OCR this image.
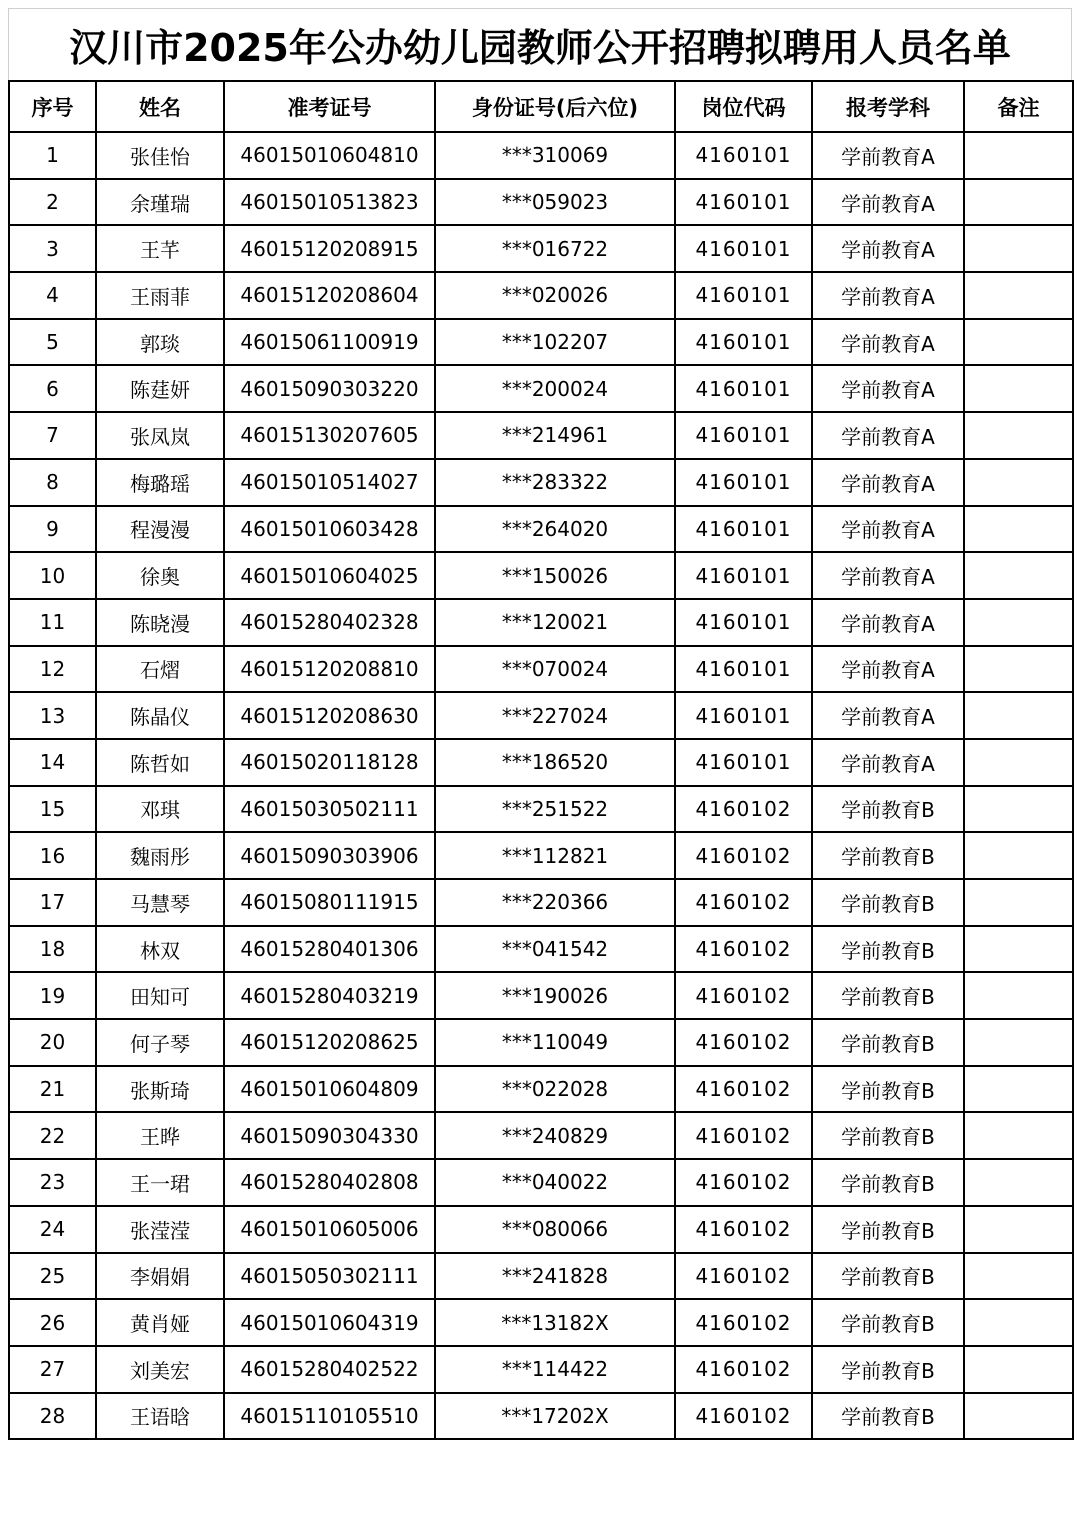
汉川市2025年公办幼儿园教师公开招聘拟聘用人员名单
序号	姓名	准考证号	身份证号(后六位)	岗位代码	报考学科	备注
1	张佳怡	46015010604810	***310069	4160101	学前教育A	
2	余瑾瑞	46015010513823	***059023	4160101	学前教育A	
3	王芊	46015120208915	***016722	4160101	学前教育A	
4	王雨菲	46015120208604	***020026	4160101	学前教育A	
5	郭琰	46015061100919	***102207	4160101	学前教育A	
6	陈莛妍	46015090303220	***200024	4160101	学前教育A	
7	张凤岚	46015130207605	***214961	4160101	学前教育A	
8	梅璐瑶	46015010514027	***283322	4160101	学前教育A	
9	程漫漫	46015010603428	***264020	4160101	学前教育A	
10	徐奥	46015010604025	***150026	4160101	学前教育A	
11	陈晓漫	46015280402328	***120021	4160101	学前教育A	
12	石熠	46015120208810	***070024	4160101	学前教育A	
13	陈晶仪	46015120208630	***227024	4160101	学前教育A	
14	陈哲如	46015020118128	***186520	4160101	学前教育A	
15	邓琪	46015030502111	***251522	4160102	学前教育B	
16	魏雨彤	46015090303906	***112821	4160102	学前教育B	
17	马慧琴	46015080111915	***220366	4160102	学前教育B	
18	林双	46015280401306	***041542	4160102	学前教育B	
19	田知可	46015280403219	***190026	4160102	学前教育B	
20	何子琴	46015120208625	***110049	4160102	学前教育B	
21	张斯琦	46015010604809	***022028	4160102	学前教育B	
22	王晔	46015090304330	***240829	4160102	学前教育B	
23	王一珺	46015280402808	***040022	4160102	学前教育B	
24	张滢滢	46015010605006	***080066	4160102	学前教育B	
25	李娟娟	46015050302111	***241828	4160102	学前教育B	
26	黄肖娅	46015010604319	***13182X	4160102	学前教育B	
27	刘美宏	46015280402522	***114422	4160102	学前教育B	
28	王语晗	46015110105510	***17202X	4160102	学前教育B	
